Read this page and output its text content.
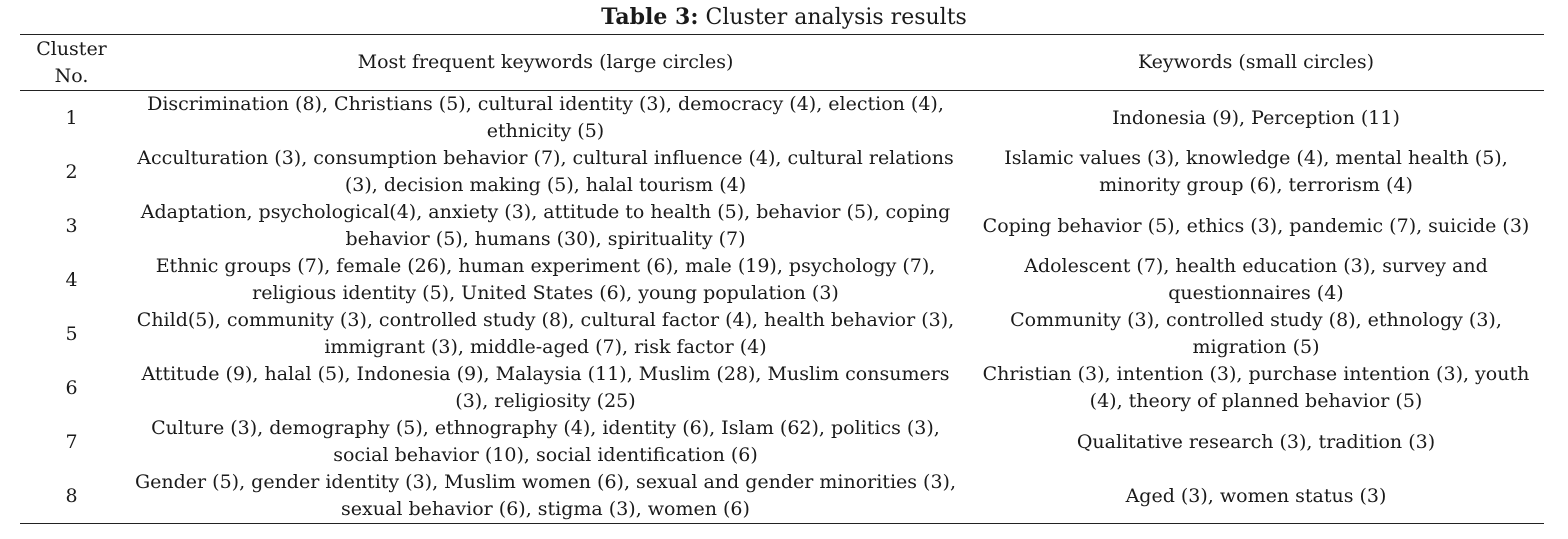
Table 3: Cluster analysis results
Cluster
No.	Most frequent keywords (large circles)	Keywords (small circles)
1	Discrimination (8), Christians (5), cultural identity (3), democracy (4), election (4), ethnicity (5)	Indonesia (9), Perception (11)
2	Acculturation (3), consumption behavior (7), cultural influence (4), cultural relations (3), decision making (5), halal tourism (4)	Islamic values (3), knowledge (4), mental health (5), minority group (6), terrorism (4)
3	Adaptation, psychological(4), anxiety (3), attitude to health (5), behavior (5), coping behavior (5), humans (30), spirituality (7)	Coping behavior (5), ethics (3), pandemic (7), suicide (3)
4	Ethnic groups (7), female (26), human experiment (6), male (19), psychology (7), religious identity (5), United States (6), young population (3)	Adolescent (7), health education (3), survey and questionnaires (4)
5	Child(5), community (3), controlled study (8), cultural factor (4), health behavior (3), immigrant (3), middle-aged (7), risk factor (4)	Community (3), controlled study (8), ethnology (3), migration (5)
6	Attitude (9), halal (5), Indonesia (9), Malaysia (11), Muslim (28), Muslim consumers (3), religiosity (25)	Christian (3), intention (3), purchase intention (3), youth (4), theory of planned behavior (5)
7	Culture (3), demography (5), ethnography (4), identity (6), Islam (62), politics (3), social behavior (10), social identification (6)	Qualitative research (3), tradition (3)
8	Gender (5), gender identity (3), Muslim women (6), sexual and gender minorities (3), sexual behavior (6), stigma (3), women (6)	Aged (3), women status (3)
